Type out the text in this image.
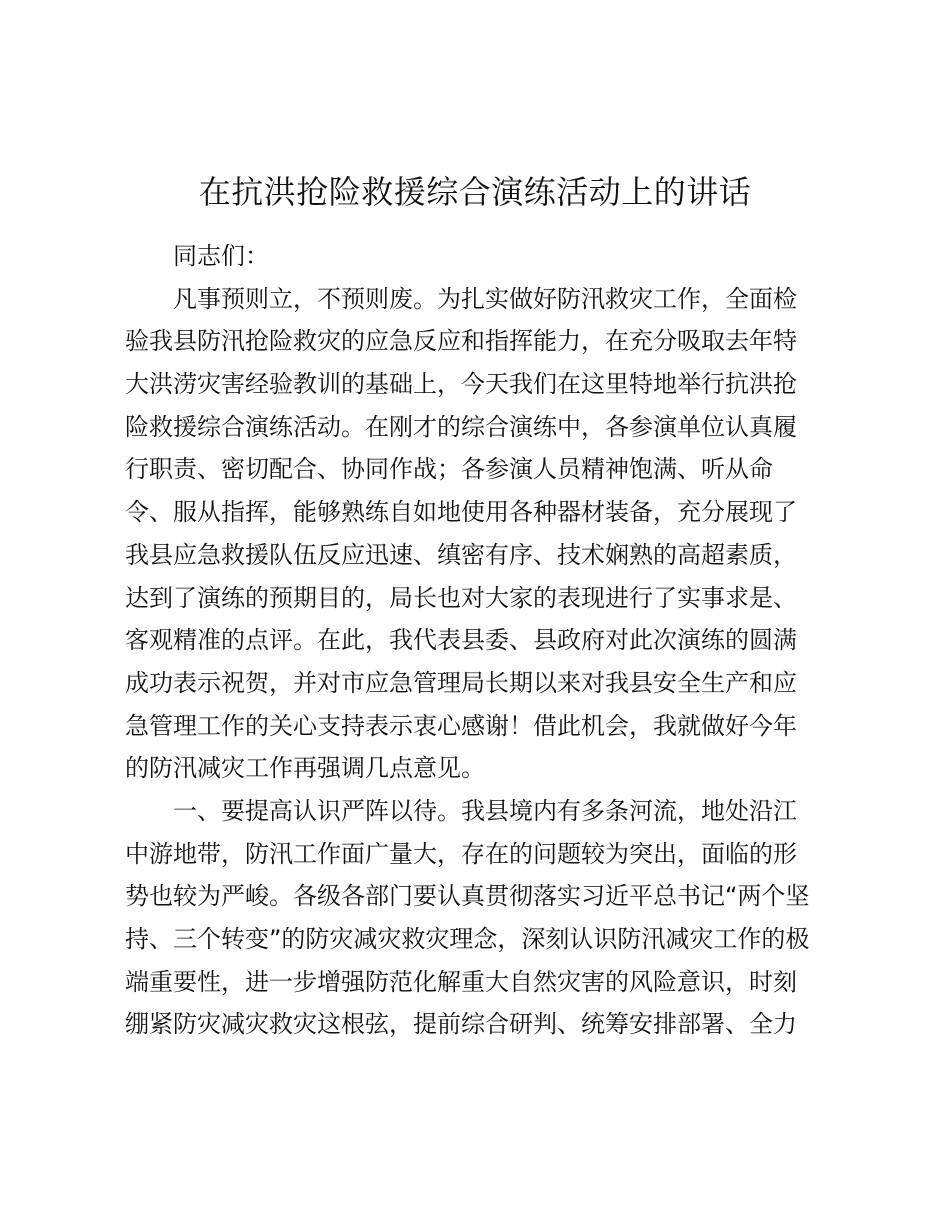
在抗洪抢险救援综合演练活动上的讲话
同志们：
凡事预则立，不预则废。为扎实做好防汛救灾工作，全面检
验我县防汛抢险救灾的应急反应和指挥能力，在充分吸取去年特
大洪涝灾害经验教训的基础上，今天我们在这里特地举行抗洪抢
险救援综合演练活动。在刚才的综合演练中，各参演单位认真履
行职责、密切配合、协同作战；各参演人员精神饱满、听从命
令、服从指挥，能够熟练自如地使用各种器材装备，充分展现了
我县应急救援队伍反应迅速、缜密有序、技术娴熟的高超素质，
达到了演练的预期目的，局长也对大家的表现进行了实事求是、
客观精准的点评。在此，我代表县委、县政府对此次演练的圆满
成功表示祝贺，并对市应急管理局长期以来对我县安全生产和应
急管理工作的关心支持表示衷心感谢！借此机会，我就做好今年
的防汛减灾工作再强调几点意见。
一、要提高认识严阵以待。我县境内有多条河流，地处沿江
中游地带，防汛工作面广量大，存在的问题较为突出，面临的形
势也较为严峻。各级各部门要认真贯彻落实习近平总书记“两个坚
持、三个转变”的防灾减灾救灾理念，深刻认识防汛减灾工作的极
端重要性，进一步增强防范化解重大自然灾害的风险意识，时刻
绷紧防灾减灾救灾这根弦，提前综合研判、统筹安排部署、全力
